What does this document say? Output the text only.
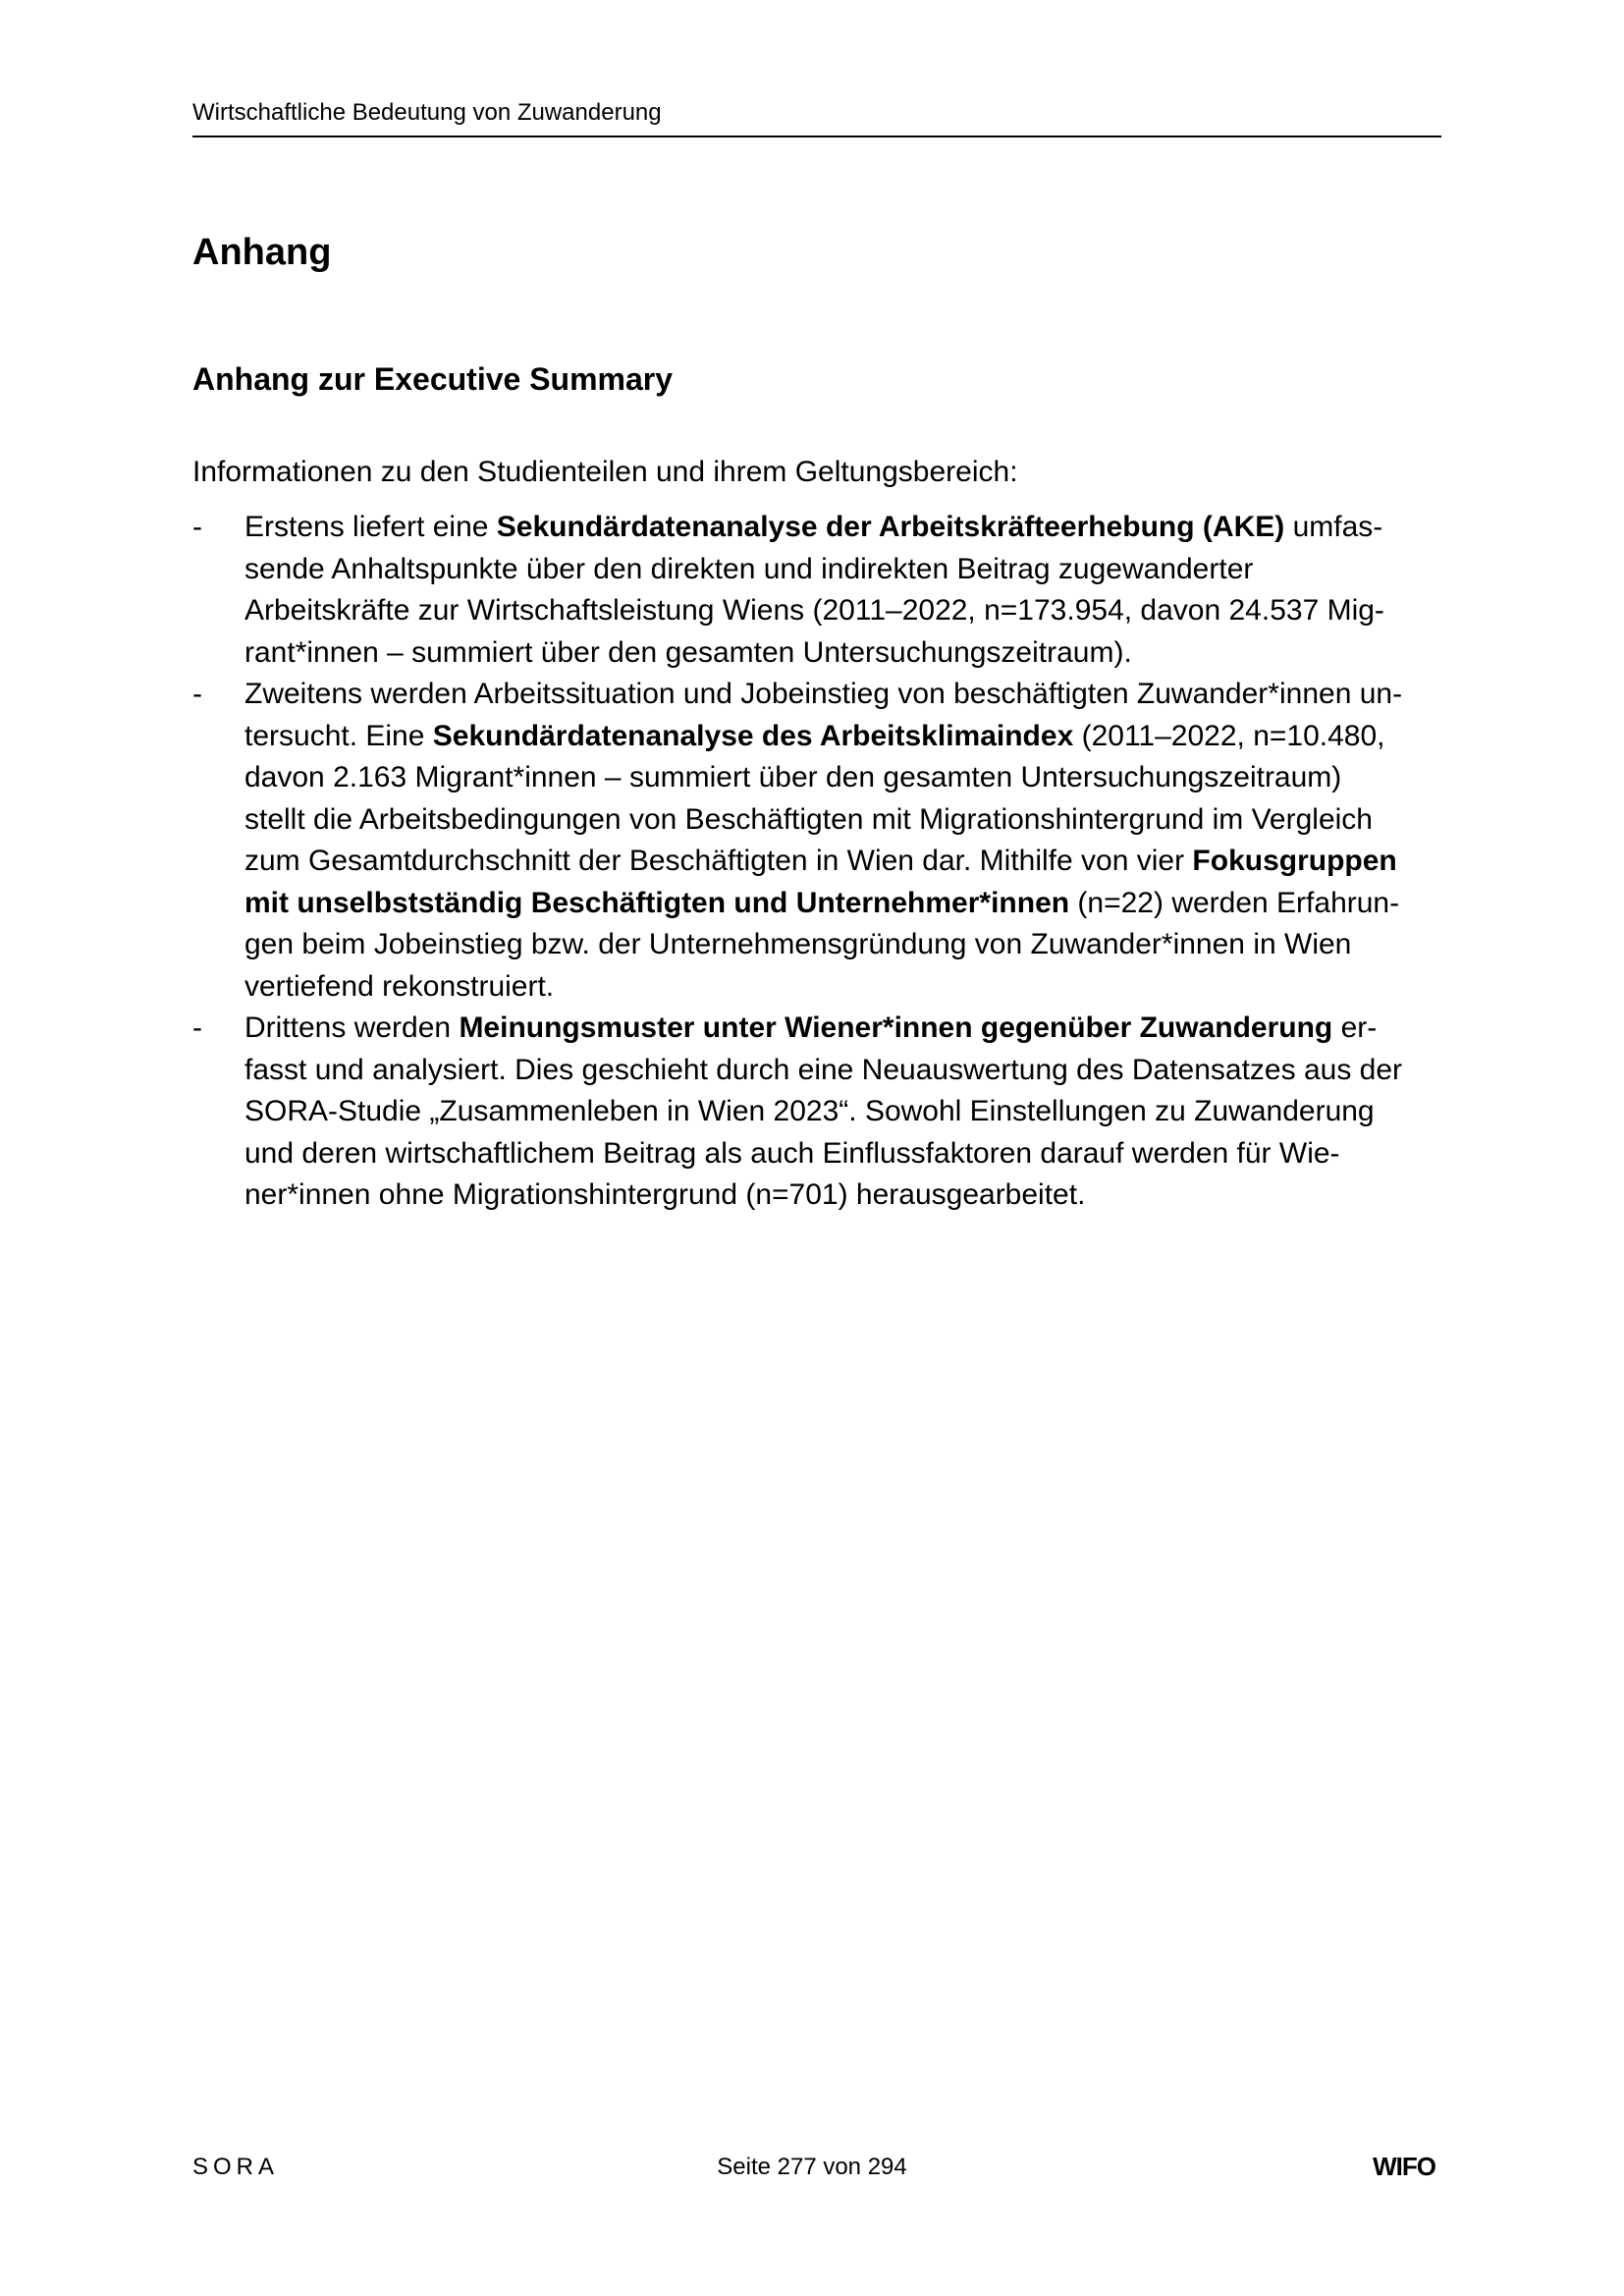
Wirtschaftliche Bedeutung von Zuwanderung
Anhang
Anhang zur Executive Summary

Informationen zu den Studienteilen und ihrem Geltungsbereich:

- Erstens liefert eine Sekundärdatenanalyse der Arbeitskräfteerhebung (AKE) umfas-
sende Anhaltspunkte über den direkten und indirekten Beitrag zugewanderter
Arbeitskräfte zur Wirtschaftsleistung Wiens (2011–2022, n=173.954, davon 24.537 Mig-
rant*innen – summiert über den gesamten Untersuchungszeitraum).
- Zweitens werden Arbeitssituation und Jobeinstieg von beschäftigten Zuwander*innen un-
tersucht. Eine Sekundärdatenanalyse des Arbeitsklimaindex (2011–2022, n=10.480,
davon 2.163 Migrant*innen – summiert über den gesamten Untersuchungszeitraum)
stellt die Arbeitsbedingungen von Beschäftigten mit Migrationshintergrund im Vergleich
zum Gesamtdurchschnitt der Beschäftigten in Wien dar. Mithilfe von vier Fokusgruppen
mit unselbstständig Beschäftigten und Unternehmer*innen (n=22) werden Erfahrun-
gen beim Jobeinstieg bzw. der Unternehmensgründung von Zuwander*innen in Wien
vertiefend rekonstruiert.
- Drittens werden Meinungsmuster unter Wiener*innen gegenüber Zuwanderung er-
fasst und analysiert. Dies geschieht durch eine Neuauswertung des Datensatzes aus der
SORA-Studie „Zusammenleben in Wien 2023“. Sowohl Einstellungen zu Zuwanderung
und deren wirtschaftlichem Beitrag als auch Einflussfaktoren darauf werden für Wie-
ner*innen ohne Migrationshintergrund (n=701) herausgearbeitet.
SORA	Seite 277 von 294	WIFO
